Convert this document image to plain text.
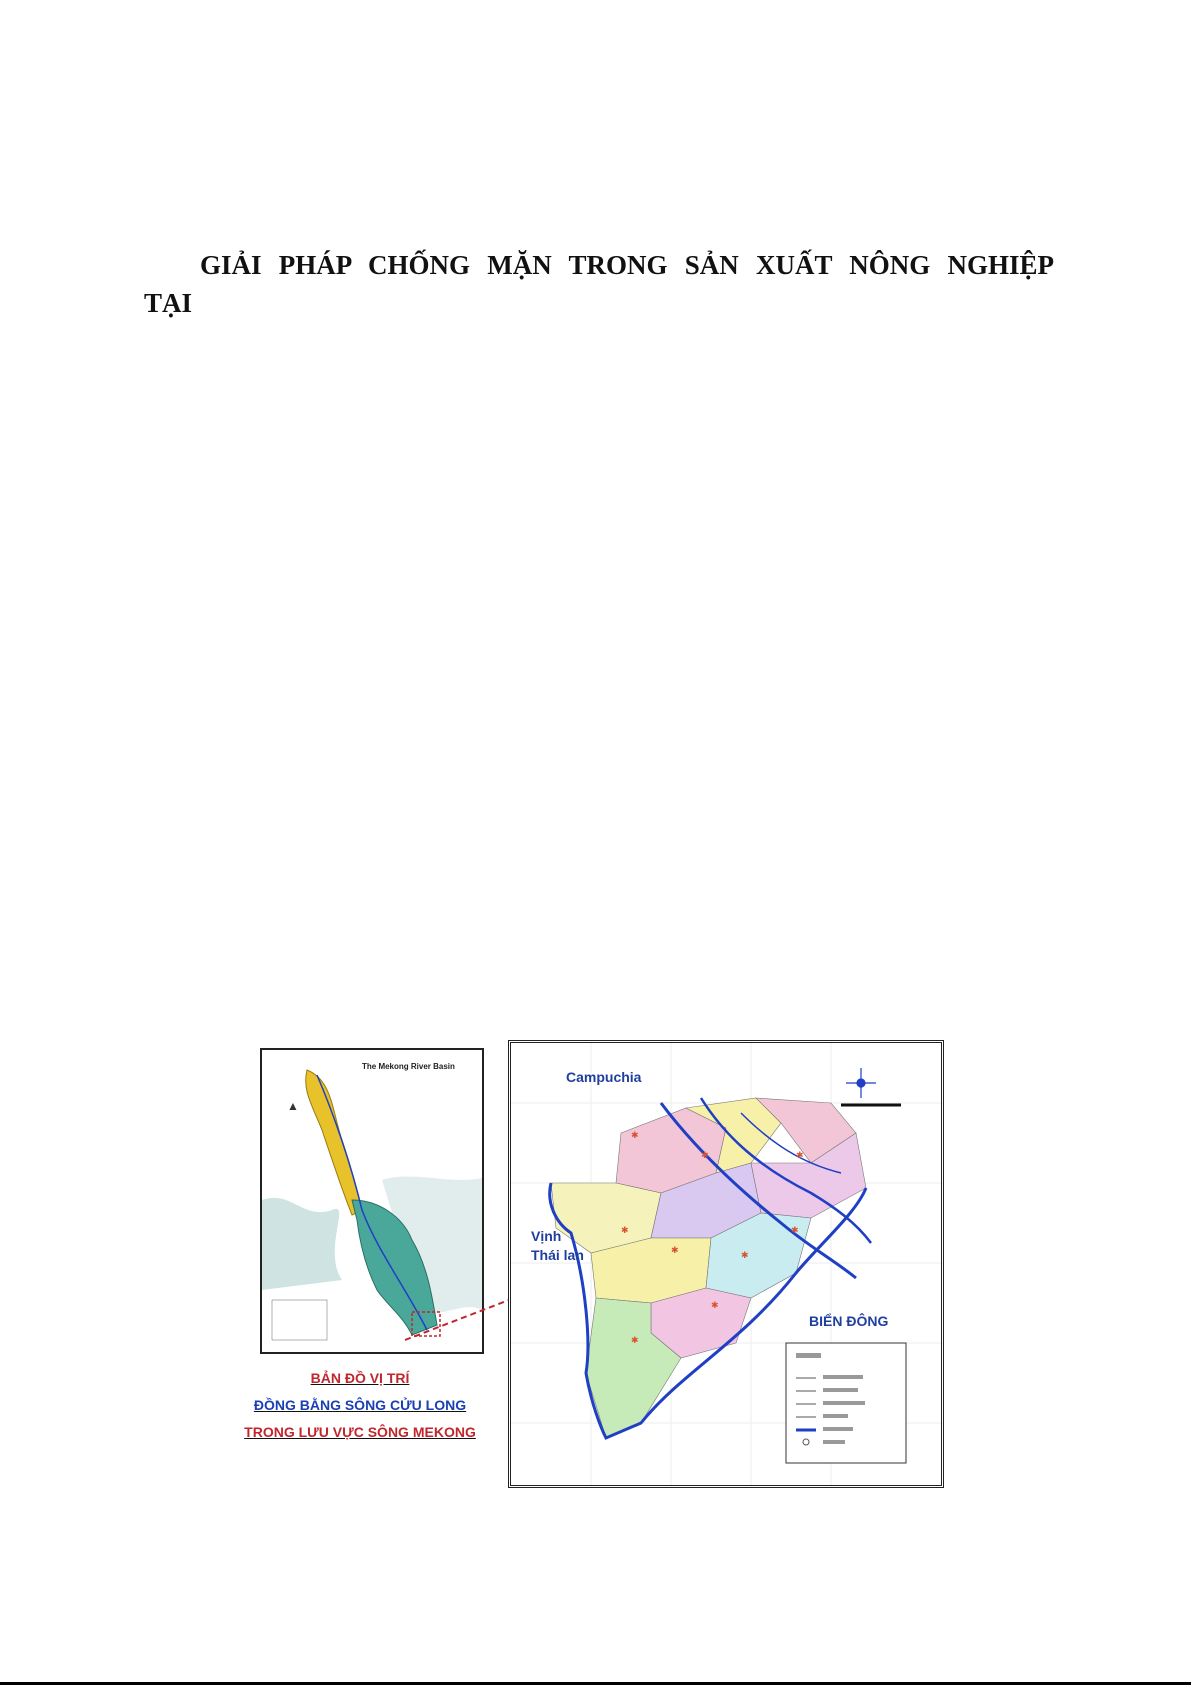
GIẢI PHÁP CHỐNG MẶN TRONG SẢN XUẤT NÔNG NGHIỆP
TẠI
The Mekong River Basin
▲
✱
✱	✱
✱
✱	✱
✱
✱
✱
Campuchia
Vịnh
Thái lan
BIỂN ĐÔNG
BẢN ĐỒ VỊ TRÍ
ĐỒNG BẰNG SÔNG CỬU LONG
TRONG LƯU VỰC SÔNG MEKONG
